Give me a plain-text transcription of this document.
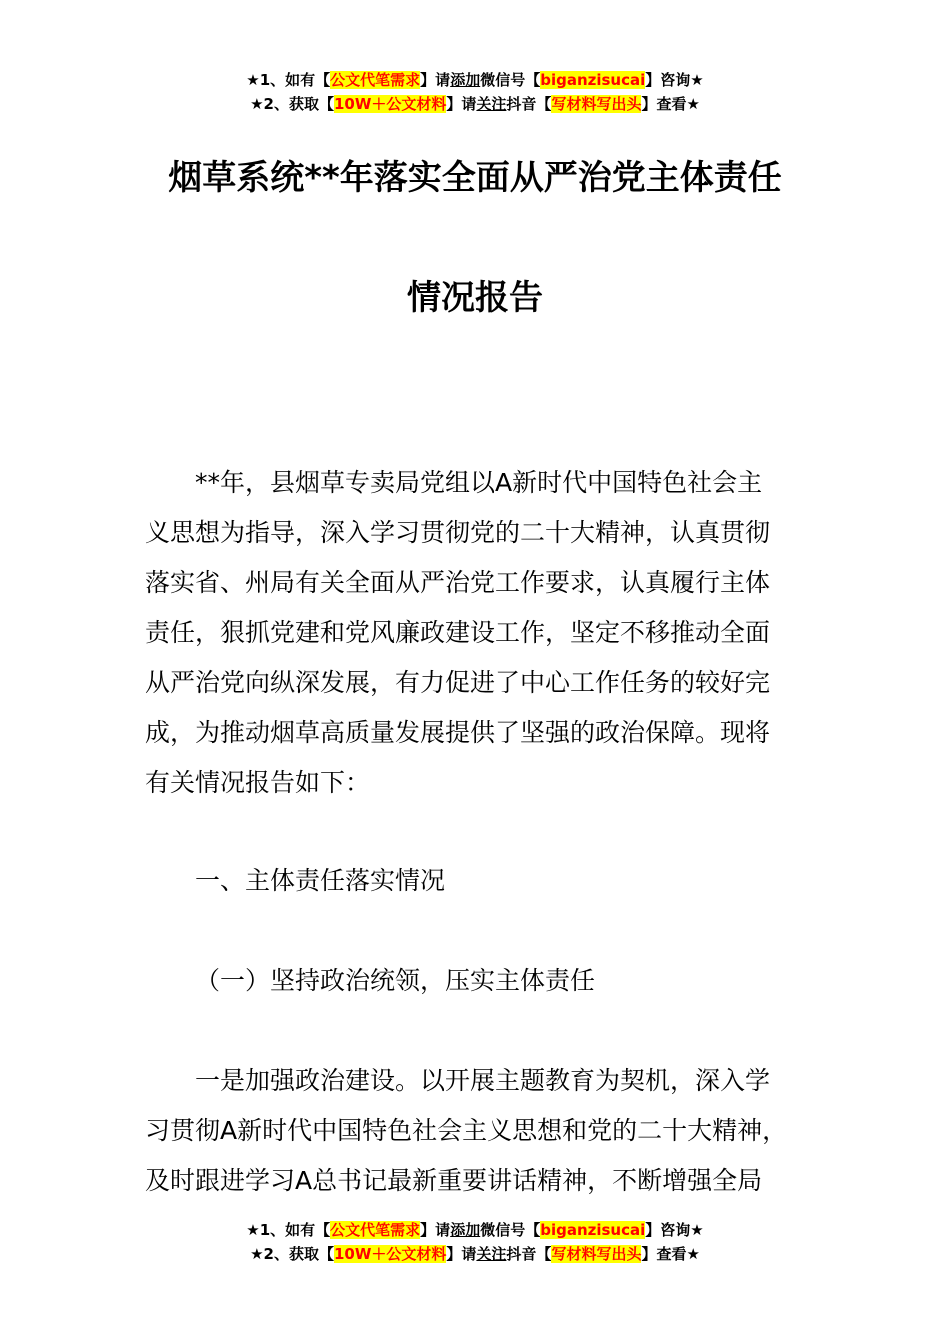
★1、如有【公文代笔需求】请添加微信号【biganzisucai】咨询★
★2、获取【10W＋公文材料】请关注抖音【写材料写出头】查看★
烟草系统**年落实全面从严治党主体责任
情况报告
　　**年，县烟草专卖局党组以A新时代中国特色社会主
义思想为指导，深入学习贯彻党的二十大精神，认真贯彻
落实省、州局有关全面从严治党工作要求，认真履行主体
责任，狠抓党建和党风廉政建设工作，坚定不移推动全面
从严治党向纵深发展，有力促进了中心工作任务的较好完
成，为推动烟草高质量发展提供了坚强的政治保障。现将
有关情况报告如下：
一、主体责任落实情况
（一）坚持政治统领，压实主体责任
　　一是加强政治建设。以开展主题教育为契机，深入学
习贯彻A新时代中国特色社会主义思想和党的二十大精神，
及时跟进学习A总书记最新重要讲话精神，不断增强全局
★1、如有【公文代笔需求】请添加微信号【biganzisucai】咨询★
★2、获取【10W＋公文材料】请关注抖音【写材料写出头】查看★
